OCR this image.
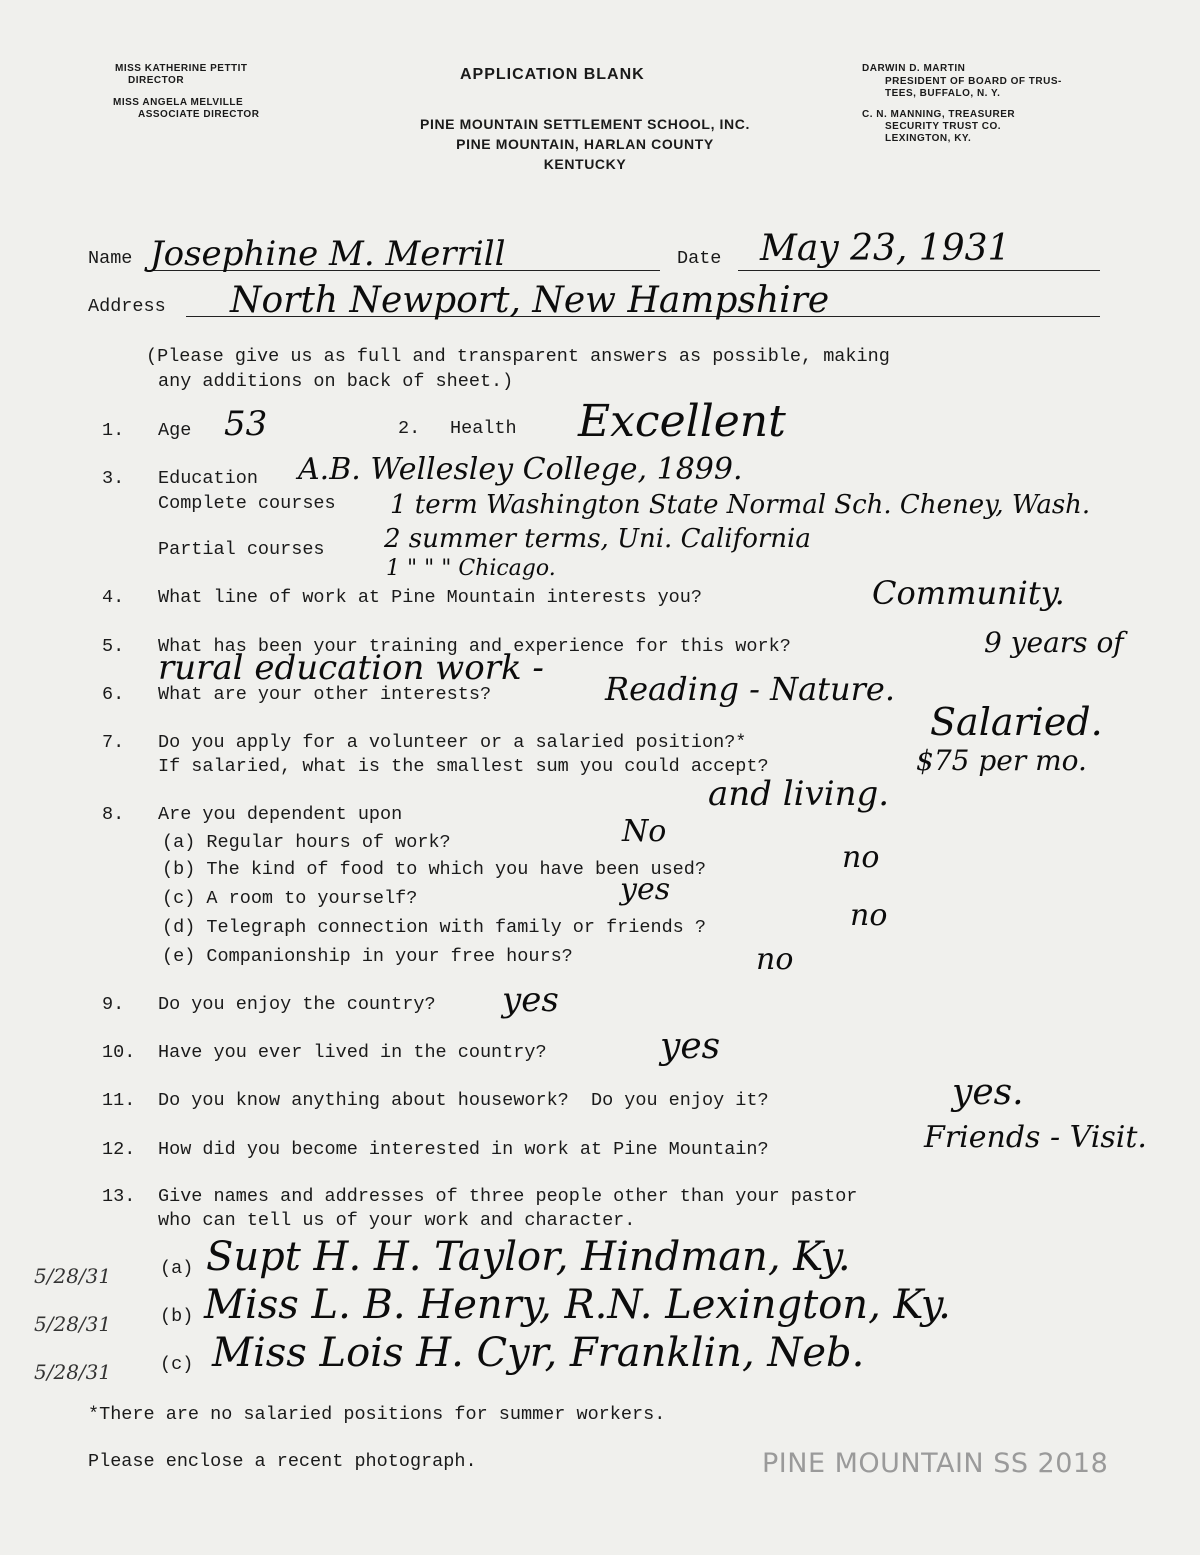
MISS KATHERINE PETTIT
DIRECTOR
MISS ANGELA MELVILLE
ASSOCIATE DIRECTOR
APPLICATION BLANK
PINE MOUNTAIN SETTLEMENT SCHOOL, INC.
PINE MOUNTAIN, HARLAN COUNTY
KENTUCKY
DARWIN D. MARTIN
PRESIDENT OF BOARD OF TRUS-
TEES, BUFFALO, N. Y.
C. N. MANNING, TREASURER
SECURITY TRUST CO.
LEXINGTON, KY.
Name Josephine M. Merrill	Date May 23, 1931
Address North Newport, New Hampshire
(Please give us as full and transparent answers as possible, making
any additions on back of sheet.)
1. Age 53	2. Health Excellent
3. Education A.B. Wellesley College, 1899.
Complete courses 1 term Washington State Normal Sch. Cheney, Wash.
Partial courses 2 summer terms, Uni. California
1 " " " Chicago.
4. What line of work at Pine Mountain interests you?	Community.
5. What has been your training and experience for this work?	9 years of
rural education work -
6. What are your other interests?	Reading - Nature.
7. Do you apply for a volunteer or a salaried position?*	Salaried.
If salaried, what is the smallest sum you could accept?	$75 per mo.
and living.
8. Are you dependent upon
(a) Regular hours of work?	No
(b) The kind of food to which you have been used?	no
(c) A room to yourself?	yes
(d) Telegraph connection with family or friends ?	no
(e) Companionship in your free hours?	no
9. Do you enjoy the country? yes
10. Have you ever lived in the country?	yes
11. Do you know anything about housework?  Do you enjoy it?	yes.
12. How did you become interested in work at Pine Mountain?	Friends - Visit.
13. Give names and addresses of three people other than your pastor
who can tell us of your work and character.
5/28/31	(a) Supt H. H. Taylor, Hindman, Ky.
5/28/31	(b) Miss L. B. Henry, R.N. Lexington, Ky.
5/28/31	(c) Miss Lois H. Cyr, Franklin, Neb.
*There are no salaried positions for summer workers.
Please enclose a recent photograph.	PINE MOUNTAIN SS 2018
